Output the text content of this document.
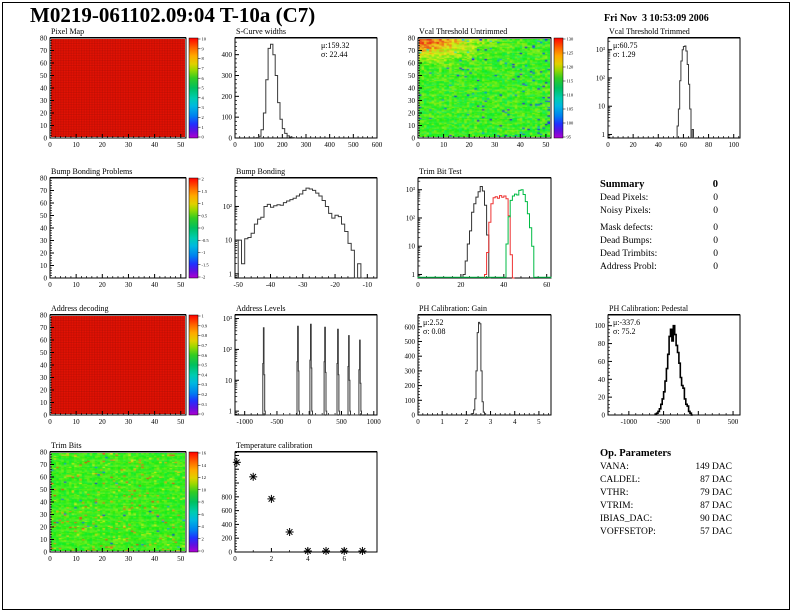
M0219-061102.09:04 T-10a (C7)	Fri Nov  3 10:53:09 2006
Pixel Map
0	10	20	30	40	50
0
10
20
30
40
50
60
70
80	10
9
8
7
6
5
4
3
2
1
0
S-Curve widths
μ:159.32
σ: 22.44
0 100 200 300 400 500 600
0
100
200
300
400
Vcal Threshold Untrimmed
0	10	20	30	40	50
0
10
20
30
40
50
60
70
80	130
125
120
115
110
105
100
95
Vcal Threshold Trimmed
μ:60.75
σ: 1.29
0	20	40	60	80 100
1
10
10²
10³
Bump Bonding Problems
0	10	20	30	40	50
0
10
20
30
40
50
60
70
80	2
1.5
1
0.5
0
-0.5
-1
-1.5
-2
Bump Bonding
-50	-40	-30	-20	-10
1
10
10²
Trim Bit Test
0	20	40	60
1
10
10²
10³
Summary	0
Dead Pixels:	0
Noisy Pixels:	0
Mask defects:	0
Dead Bumps:	0
Dead Trimbits:	0
Address Probl:	0
Address decoding
0	10	20	30	40	50
0
10
20
30
40
50
60
70
80	1
0.9
0.8
0.7
0.6
0.5
0.4
0.3
0.2
0.1
0
Address Levels
-1000	-500	0	500	1000
1
10
10²
10³
PH Calibration: Gain
μ:2.52
σ: 0.08
0	1	2	3	4	5
0
100
200
300
400
500
600
PH Calibration: Pedestal
μ:-337.6
σ: 75.2
-1000	-500	0	500
0
20
40
60
80
100
Trim Bits
0	10	20	30	40	50
0
10
20
30
40
50
60
70
80	16
14
12
10
8
6
4
2
0
Temperature calibration
0	2	4	6
0
200
400
600
800
Op. Parameters
VANA:	149 DAC
CALDEL:	87 DAC
VTHR:	79 DAC
VTRIM:	87 DAC
IBIAS_DAC:	90 DAC
VOFFSETOP:	57 DAC
